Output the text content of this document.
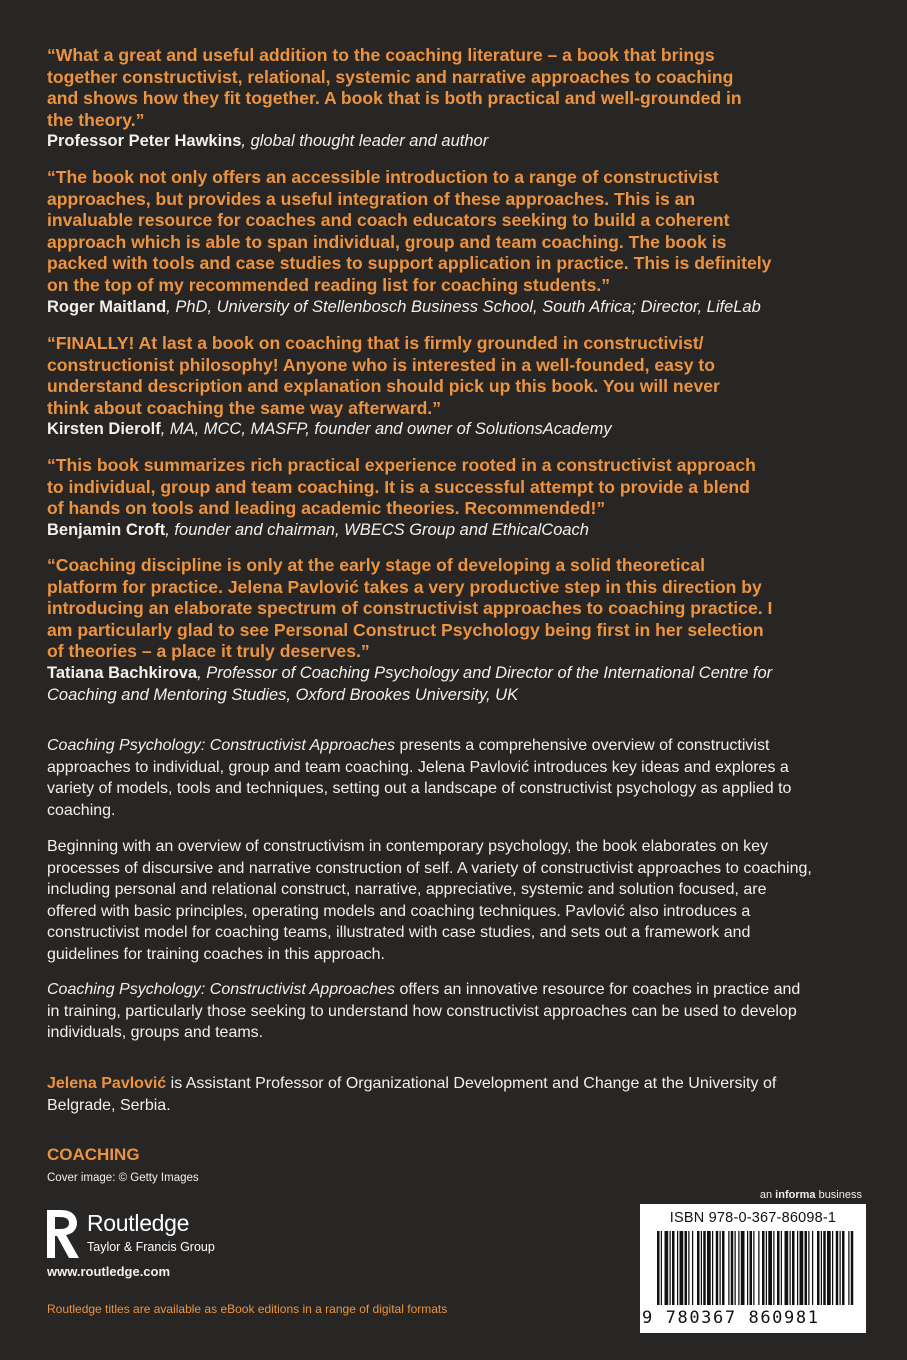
“What a great and useful addition to the coaching literature – a book that brings
together constructivist, relational, systemic and narrative approaches to coaching
and shows how they fit together. A book that is both practical and well-grounded in
the theory.”

Professor Peter Hawkins, global thought leader and author

“The book not only offers an accessible introduction to a range of constructivist
approaches, but provides a useful integration of these approaches. This is an
invaluable resource for coaches and coach educators seeking to build a coherent
approach which is able to span individual, group and team coaching. The book is
packed with tools and case studies to support application in practice. This is definitely
on the top of my recommended reading list for coaching students.”

Roger Maitland, PhD, University of Stellenbosch Business School, South Africa; Director, LifeLab

“FINALLY! At last a book on coaching that is firmly grounded in constructivist/
constructionist philosophy! Anyone who is interested in a well-founded, easy to
understand description and explanation should pick up this book. You will never
think about coaching the same way afterward.”

Kirsten Dierolf, MA, MCC, MASFP, founder and owner of SolutionsAcademy

“This book summarizes rich practical experience rooted in a constructivist approach
to individual, group and team coaching. It is a successful attempt to provide a blend
of hands on tools and leading academic theories. Recommended!”

Benjamin Croft, founder and chairman, WBECS Group and EthicalCoach

“Coaching discipline is only at the early stage of developing a solid theoretical
platform for practice. Jelena Pavlović takes a very productive step in this direction by
introducing an elaborate spectrum of constructivist approaches to coaching practice. I
am particularly glad to see Personal Construct Psychology being first in her selection
of theories – a place it truly deserves.”

Tatiana Bachkirova, Professor of Coaching Psychology and Director of the International Centre for
Coaching and Mentoring Studies, Oxford Brookes University, UK

Coaching Psychology: Constructivist Approaches presents a comprehensive overview of constructivist
approaches to individual, group and team coaching. Jelena Pavlović introduces key ideas and explores a
variety of models, tools and techniques, setting out a landscape of constructivist psychology as applied to
coaching.

Beginning with an overview of constructivism in contemporary psychology, the book elaborates on key
processes of discursive and narrative construction of self. A variety of constructivist approaches to coaching,
including personal and relational construct, narrative, appreciative, systemic and solution focused, are
offered with basic principles, operating models and coaching techniques. Pavlović also introduces a
constructivist model for coaching teams, illustrated with case studies, and sets out a framework and
guidelines for training coaches in this approach.

Coaching Psychology: Constructivist Approaches offers an innovative resource for coaches in practice and
in training, particularly those seeking to understand how constructivist approaches can be used to develop
individuals, groups and teams.

Jelena Pavlović is Assistant Professor of Organizational Development and Change at the University of
Belgrade, Serbia.

COACHING
Cover image: © Getty Images
Routledge
Taylor & Francis Group
www.routledge.com
Routledge titles are available as eBook editions in a range of digital formats
an informa business
ISBN 978-0-367-86098-1
9 780367 860981
